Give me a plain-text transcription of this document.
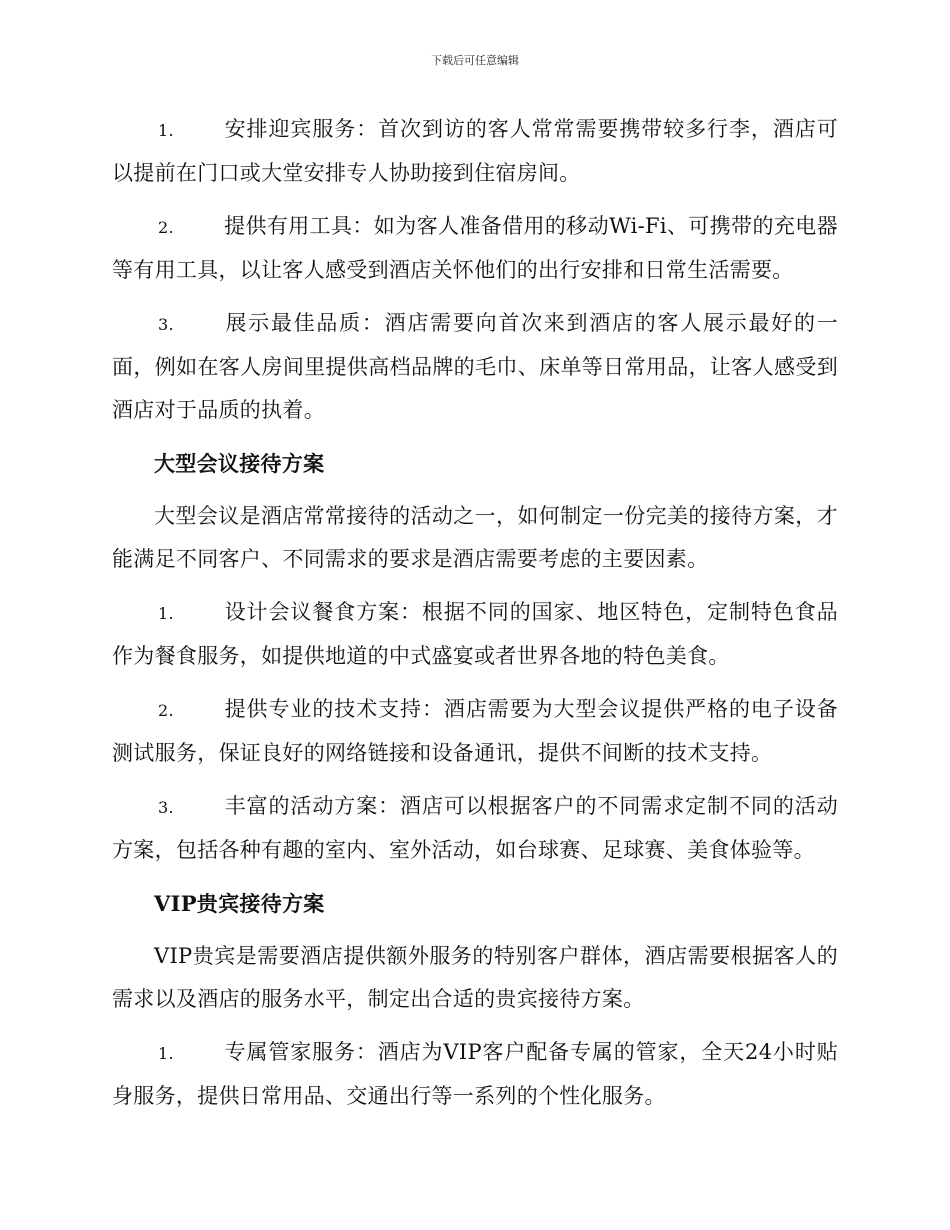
下载后可任意编辑

1. 安排迎宾服务：首次到访的客人常常需要携带较多行李，酒店可以提前在门口或大堂安排专人协助接到住宿房间。

2. 提供有用工具：如为客人准备借用的移动Wi-Fi、可携带的充电器等有用工具，以让客人感受到酒店关怀他们的出行安排和日常生活需要。

3. 展示最佳品质：酒店需要向首次来到酒店的客人展示最好的一面，例如在客人房间里提供高档品牌的毛巾、床单等日常用品，让客人感受到酒店对于品质的执着。

大型会议接待方案

大型会议是酒店常常接待的活动之一，如何制定一份完美的接待方案，才能满足不同客户、不同需求的要求是酒店需要考虑的主要因素。

1. 设计会议餐食方案：根据不同的国家、地区特色，定制特色食品作为餐食服务，如提供地道的中式盛宴或者世界各地的特色美食。

2. 提供专业的技术支持：酒店需要为大型会议提供严格的电子设备测试服务，保证良好的网络链接和设备通讯，提供不间断的技术支持。

3. 丰富的活动方案：酒店可以根据客户的不同需求定制不同的活动方案，包括各种有趣的室内、室外活动，如台球赛、足球赛、美食体验等。

VIP贵宾接待方案

VIP贵宾是需要酒店提供额外服务的特别客户群体，酒店需要根据客人的需求以及酒店的服务水平，制定出合适的贵宾接待方案。

1. 专属管家服务：酒店为VIP客户配备专属的管家，全天24小时贴身服务，提供日常用品、交通出行等一系列的个性化服务。
